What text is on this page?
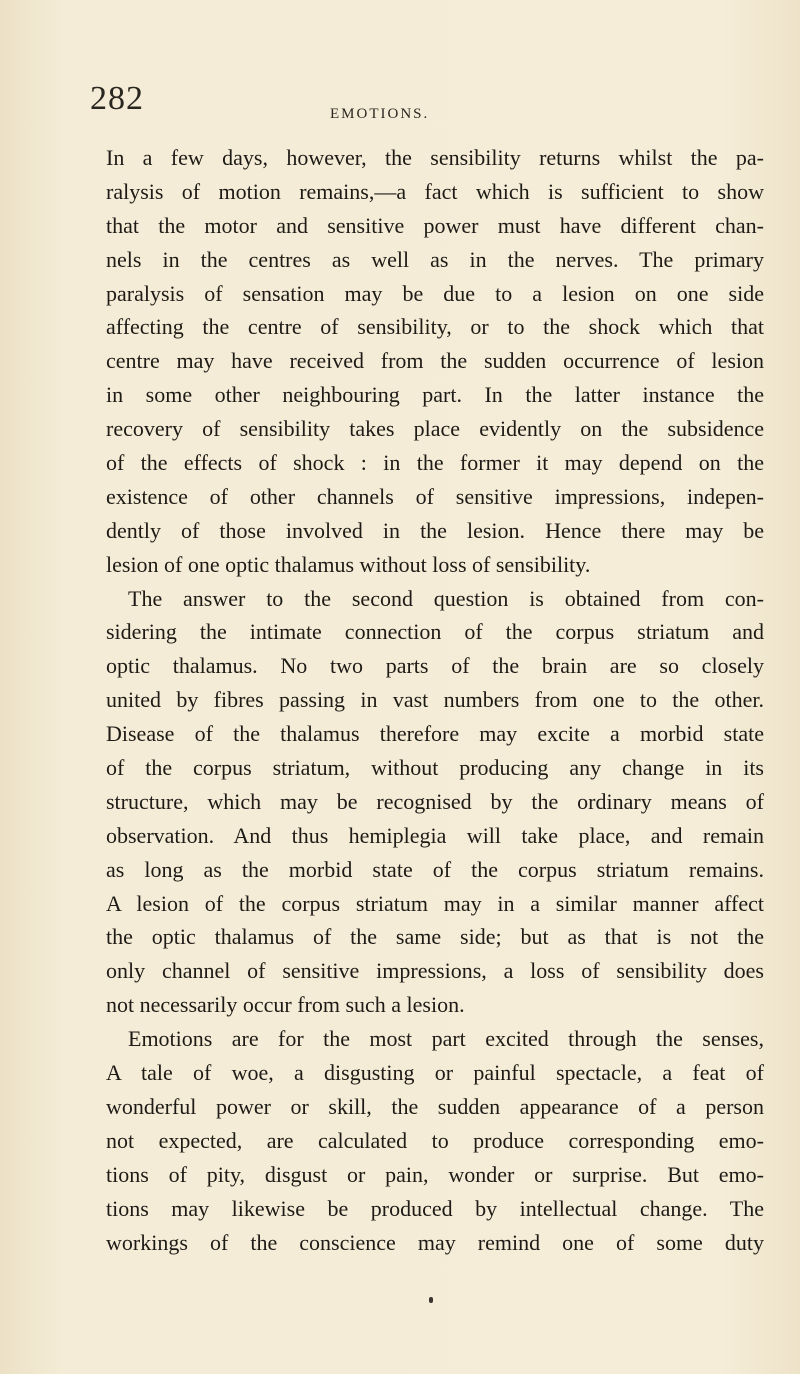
282	EMOTIONS.
In a few days, however, the sensibility returns whilst the pa-
ralysis of motion remains,—a fact which is sufficient to show
that the motor and sensitive power must have different chan-
nels in the centres as well as in the nerves. The primary
paralysis of sensation may be due to a lesion on one side
affecting the centre of sensibility, or to the shock which that
centre may have received from the sudden occurrence of lesion
in some other neighbouring part. In the latter instance the
recovery of sensibility takes place evidently on the subsidence
of the effects of shock : in the former it may depend on the
existence of other channels of sensitive impressions, indepen-
dently of those involved in the lesion. Hence there may be
lesion of one optic thalamus without loss of sensibility.
The answer to the second question is obtained from con-
sidering the intimate connection of the corpus striatum and
optic thalamus. No two parts of the brain are so closely
united by fibres passing in vast numbers from one to the other.
Disease of the thalamus therefore may excite a morbid state
of the corpus striatum, without producing any change in its
structure, which may be recognised by the ordinary means of
observation. And thus hemiplegia will take place, and remain
as long as the morbid state of the corpus striatum remains.
A lesion of the corpus striatum may in a similar manner affect
the optic thalamus of the same side; but as that is not the
only channel of sensitive impressions, a loss of sensibility does
not necessarily occur from such a lesion.
Emotions are for the most part excited through the senses,
A tale of woe, a disgusting or painful spectacle, a feat of
wonderful power or skill, the sudden appearance of a person
not expected, are calculated to produce corresponding emo-
tions of pity, disgust or pain, wonder or surprise. But emo-
tions may likewise be produced by intellectual change. The
workings of the conscience may remind one of some duty
